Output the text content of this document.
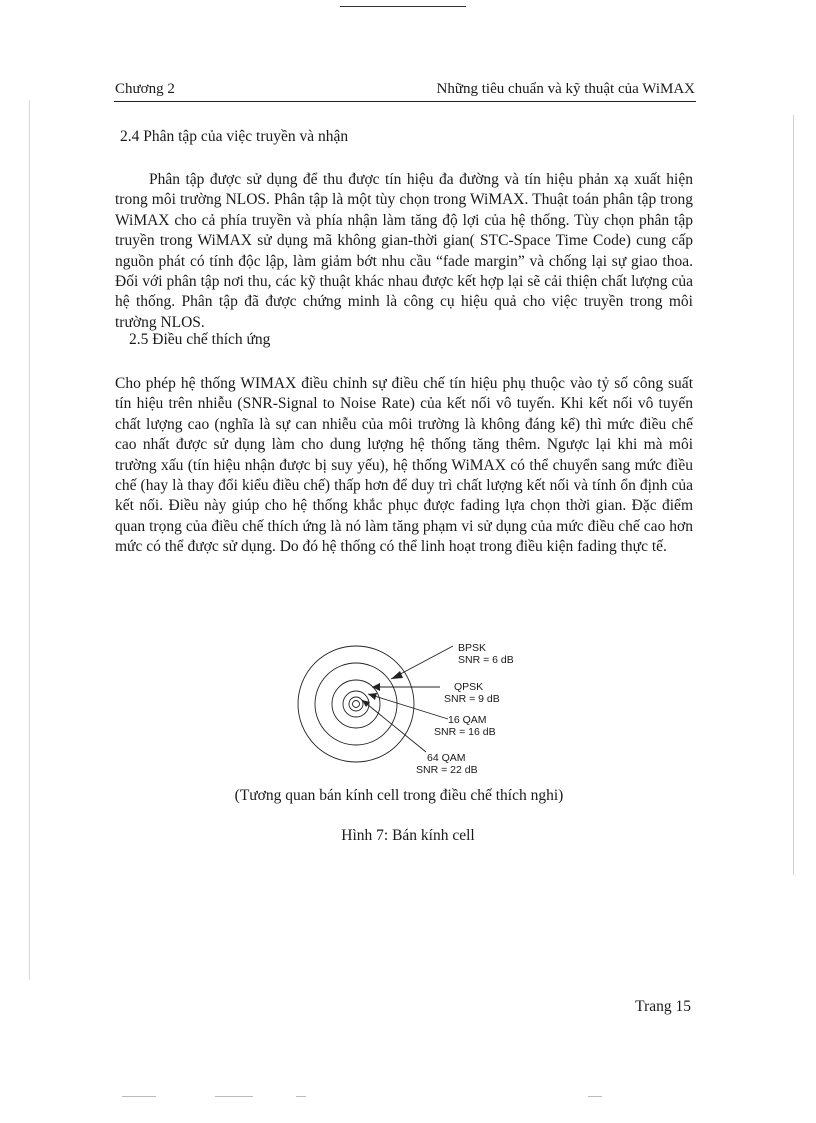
Chương 2	Những tiêu chuẩn và kỹ thuật của WiMAX
2.4 Phân tập của việc truyền và nhận

Phân tập được sử dụng để thu được tín hiệu đa đường và tín hiệu phản xạ xuất hiện trong môi trường NLOS. Phân tập là một tùy chọn trong WiMAX. Thuật toán phân tập trong WiMAX cho cả phía truyền và phía nhận làm tăng độ lợi của hệ thống. Tùy chọn phân tập truyền trong WiMAX sử dụng mã không gian-thời gian( STC-Space Time Code) cung cấp nguồn phát có tính độc lập, làm giảm bớt nhu cầu “fade margin” và chống lại sự giao thoa. Đối với phân tập nơi thu, các kỹ thuật khác nhau được kết hợp lại sẽ cải thiện chất lượng của hệ thống. Phân tập đã được chứng minh là công cụ hiệu quả cho việc truyền trong môi trường NLOS.

2.5 Điều chế thích ứng

Cho phép hệ thống WIMAX điều chỉnh sự điều chế tín hiệu phụ thuộc vào tỷ số công suất tín hiệu trên nhiễu (SNR-Signal to Noise Rate) của kết nối vô tuyến. Khi kết nối vô tuyến chất lượng cao (nghĩa là sự can nhiễu của môi trường là không đáng kể) thì mức điều chế cao nhất được sử dụng làm cho dung lượng hệ thống tăng thêm. Ngược lại khi mà môi trường xấu (tín hiệu nhận được bị suy yếu), hệ thống WiMAX có thể chuyển sang mức điều chế (hay là thay đổi kiểu điều chế) thấp hơn để duy trì chất lượng kết nối và tính ổn định của kết nối. Điều này giúp cho hệ thống khắc phục được fading lựa chọn thời gian. Đặc điểm quan trọng của điều chế thích ứng là nó làm tăng phạm vi sử dụng của mức điều chế cao hơn mức có thể được sử dụng. Do đó hệ thống có thể linh hoạt trong điều kiện fading thực tế.

BPSK
SNR = 6 dB
QPSK
SNR = 9 dB
16 QAM
SNR = 16 dB
64 QAM
SNR = 22 dB
(Tương quan bán kính cell trong điều chế thích nghi)
Hình 7: Bán kính cell
Trang 15
